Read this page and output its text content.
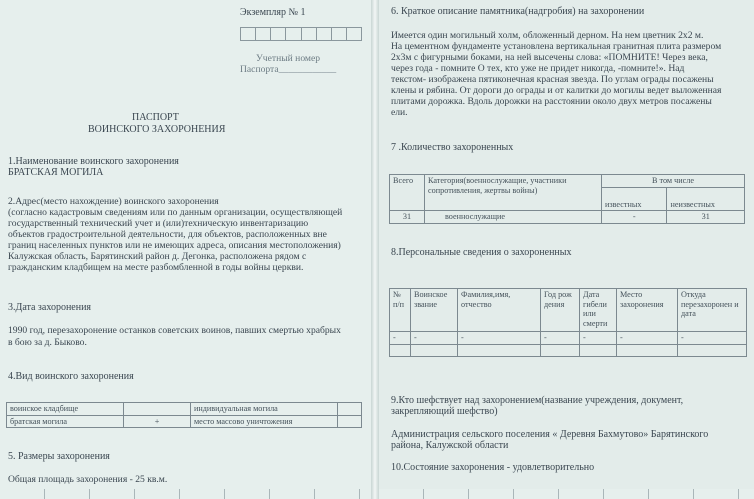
Экземпляр № 1
Учетный номер
Паспорта____________
ПАСПОРТ
ВОИНСКОГО ЗАХОРОНЕНИЯ
1.Наименование воинского захоронения
БРАТСКАЯ МОГИЛА
2.Адрес(место нахождение) воинского захоронения
(согласно кадастровым сведениям или по данным организации, осуществляющей
государственный технический учет и (или)техническую инвентаризацию
объектов градостроительной деятельности, для объектов, расположенных вне
границ населенных пунктов или не имеющих адреса, описания местоположения)
Калужская область, Барятинский район д. Дегонка, расположена рядом с
гражданским кладбищем на месте разбомбленной в годы войны церкви.
3.Дата захоронения
1990 год, перезахоронение останков советских воинов, павших смертью храбрых
в бою за д. Быково.
4.Вид воинского захоронения
воинское кладбище		индивидуальная могила	
братская могила	+	место массово уничтожения	
5. Размеры захоронения
Общая площадь захоронения - 25 кв.м.
6. Краткое описание памятника(надгробия) на захоронении
Имеется один могильный холм, обложенный дерном. На нем цветник 2х2 м.
На цементном фундаменте установлена вертикальная гранитная плита размером
2х3м с фигурными боками, на ней высечены слова: «ПОМНИТЕ! Через века,
через года - помните О тех, кто уже не придет никогда, -помните!». Над
текстом- изображена пятиконечная красная звезда. По углам ограды посажены
клены и рябина. От дороги до ограды и от калитки до могилы ведет выложенная
плитами дорожка. Вдоль дорожки на расстоянии около двух метров посажены
ели.
7 .Количество захороненных
Всего	Категория(военнослужащие, участники сопротивления, жертвы войны)	В том числе	
		известных	неизвестных
31	военнослужащие	-	31
8.Персональные сведения о захороненных
№ п/п	Воинское звание	Фамилия,имя, отчество	Год рож дения	Дата гибели или смерти	Место захоронения	Откуда перезахоронен и дата
-	-	-	-	-	-	-

9.Кто шефствует над захоронением(название учреждения, документ,
закрепляющий шефство)
Администрация сельского поселения « Деревня Бахмутово» Барятинского
района, Калужской области
10.Состояние захоронения - удовлетворительно
